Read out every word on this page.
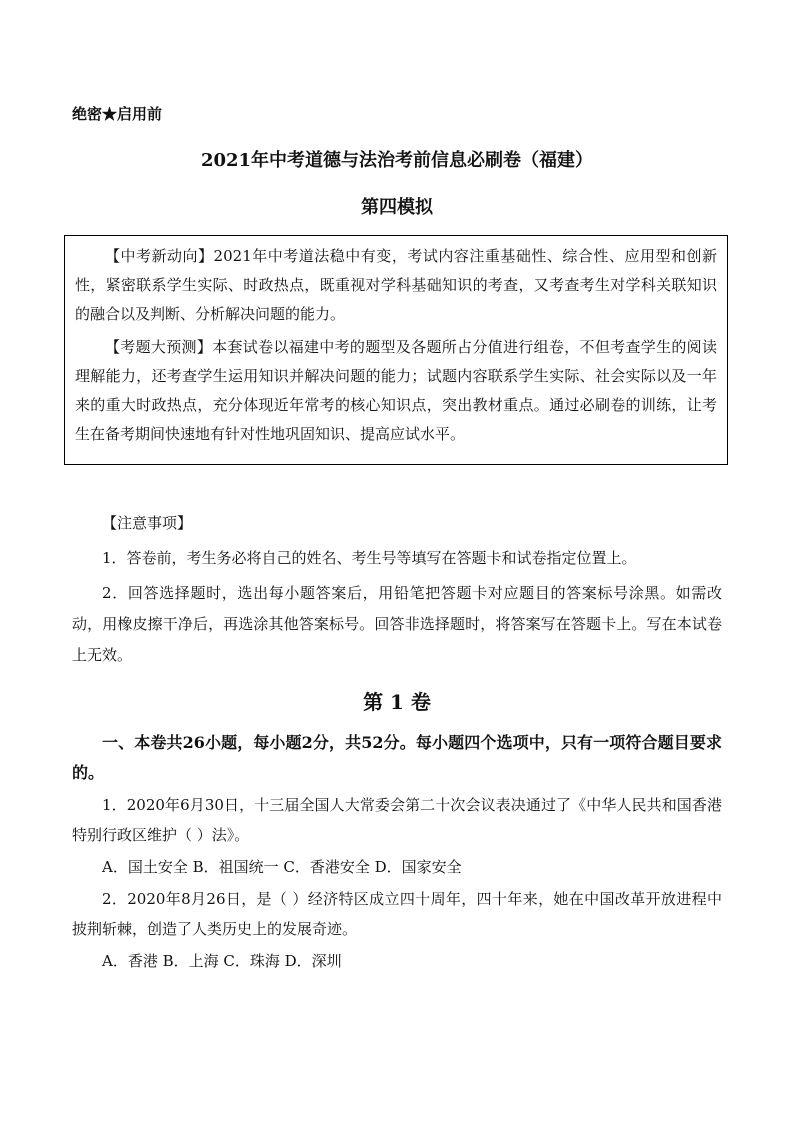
绝密★启用前
2021年中考道德与法治考前信息必刷卷（福建）
第四模拟

【中考新动向】2021年中考道法稳中有变，考试内容注重基础性、综合性、应用型和创新性，紧密联系学生实际、时政热点，既重视对学科基础知识的考查，又考查考生对学科关联知识的融合以及判断、分析解决问题的能力。

【考题大预测】本套试卷以福建中考的题型及各题所占分值进行组卷，不但考查学生的阅读理解能力，还考查学生运用知识并解决问题的能力；试题内容联系学生实际、社会实际以及一年来的重大时政热点，充分体现近年常考的核心知识点，突出教材重点。通过必刷卷的训练，让考生在备考期间快速地有针对性地巩固知识、提高应试水平。

【注意事项】

1．答卷前，考生务必将自己的姓名、考生号等填写在答题卡和试卷指定位置上。

2．回答选择题时，选出每小题答案后，用铅笔把答题卡对应题目的答案标号涂黑。如需改动，用橡皮擦干净后，再选涂其他答案标号。回答非选择题时，将答案写在答题卡上。写在本试卷上无效。

第 1 卷

一、本卷共26小题，每小题2分，共52分。每小题四个选项中，只有一项符合题目要求的。

1．2020年6月30日，十三届全国人大常委会第二十次会议表决通过了《中华人民共和国香港特别行政区维护（ ）法》。

A．国土安全 B．祖国统一 C．香港安全 D．国家安全

2．2020年8月26日，是（ ）经济特区成立四十周年，四十年来，她在中国改革开放进程中披荆斩棘，创造了人类历史上的发展奇迹。

A．香港 B．上海 C．珠海 D．深圳
